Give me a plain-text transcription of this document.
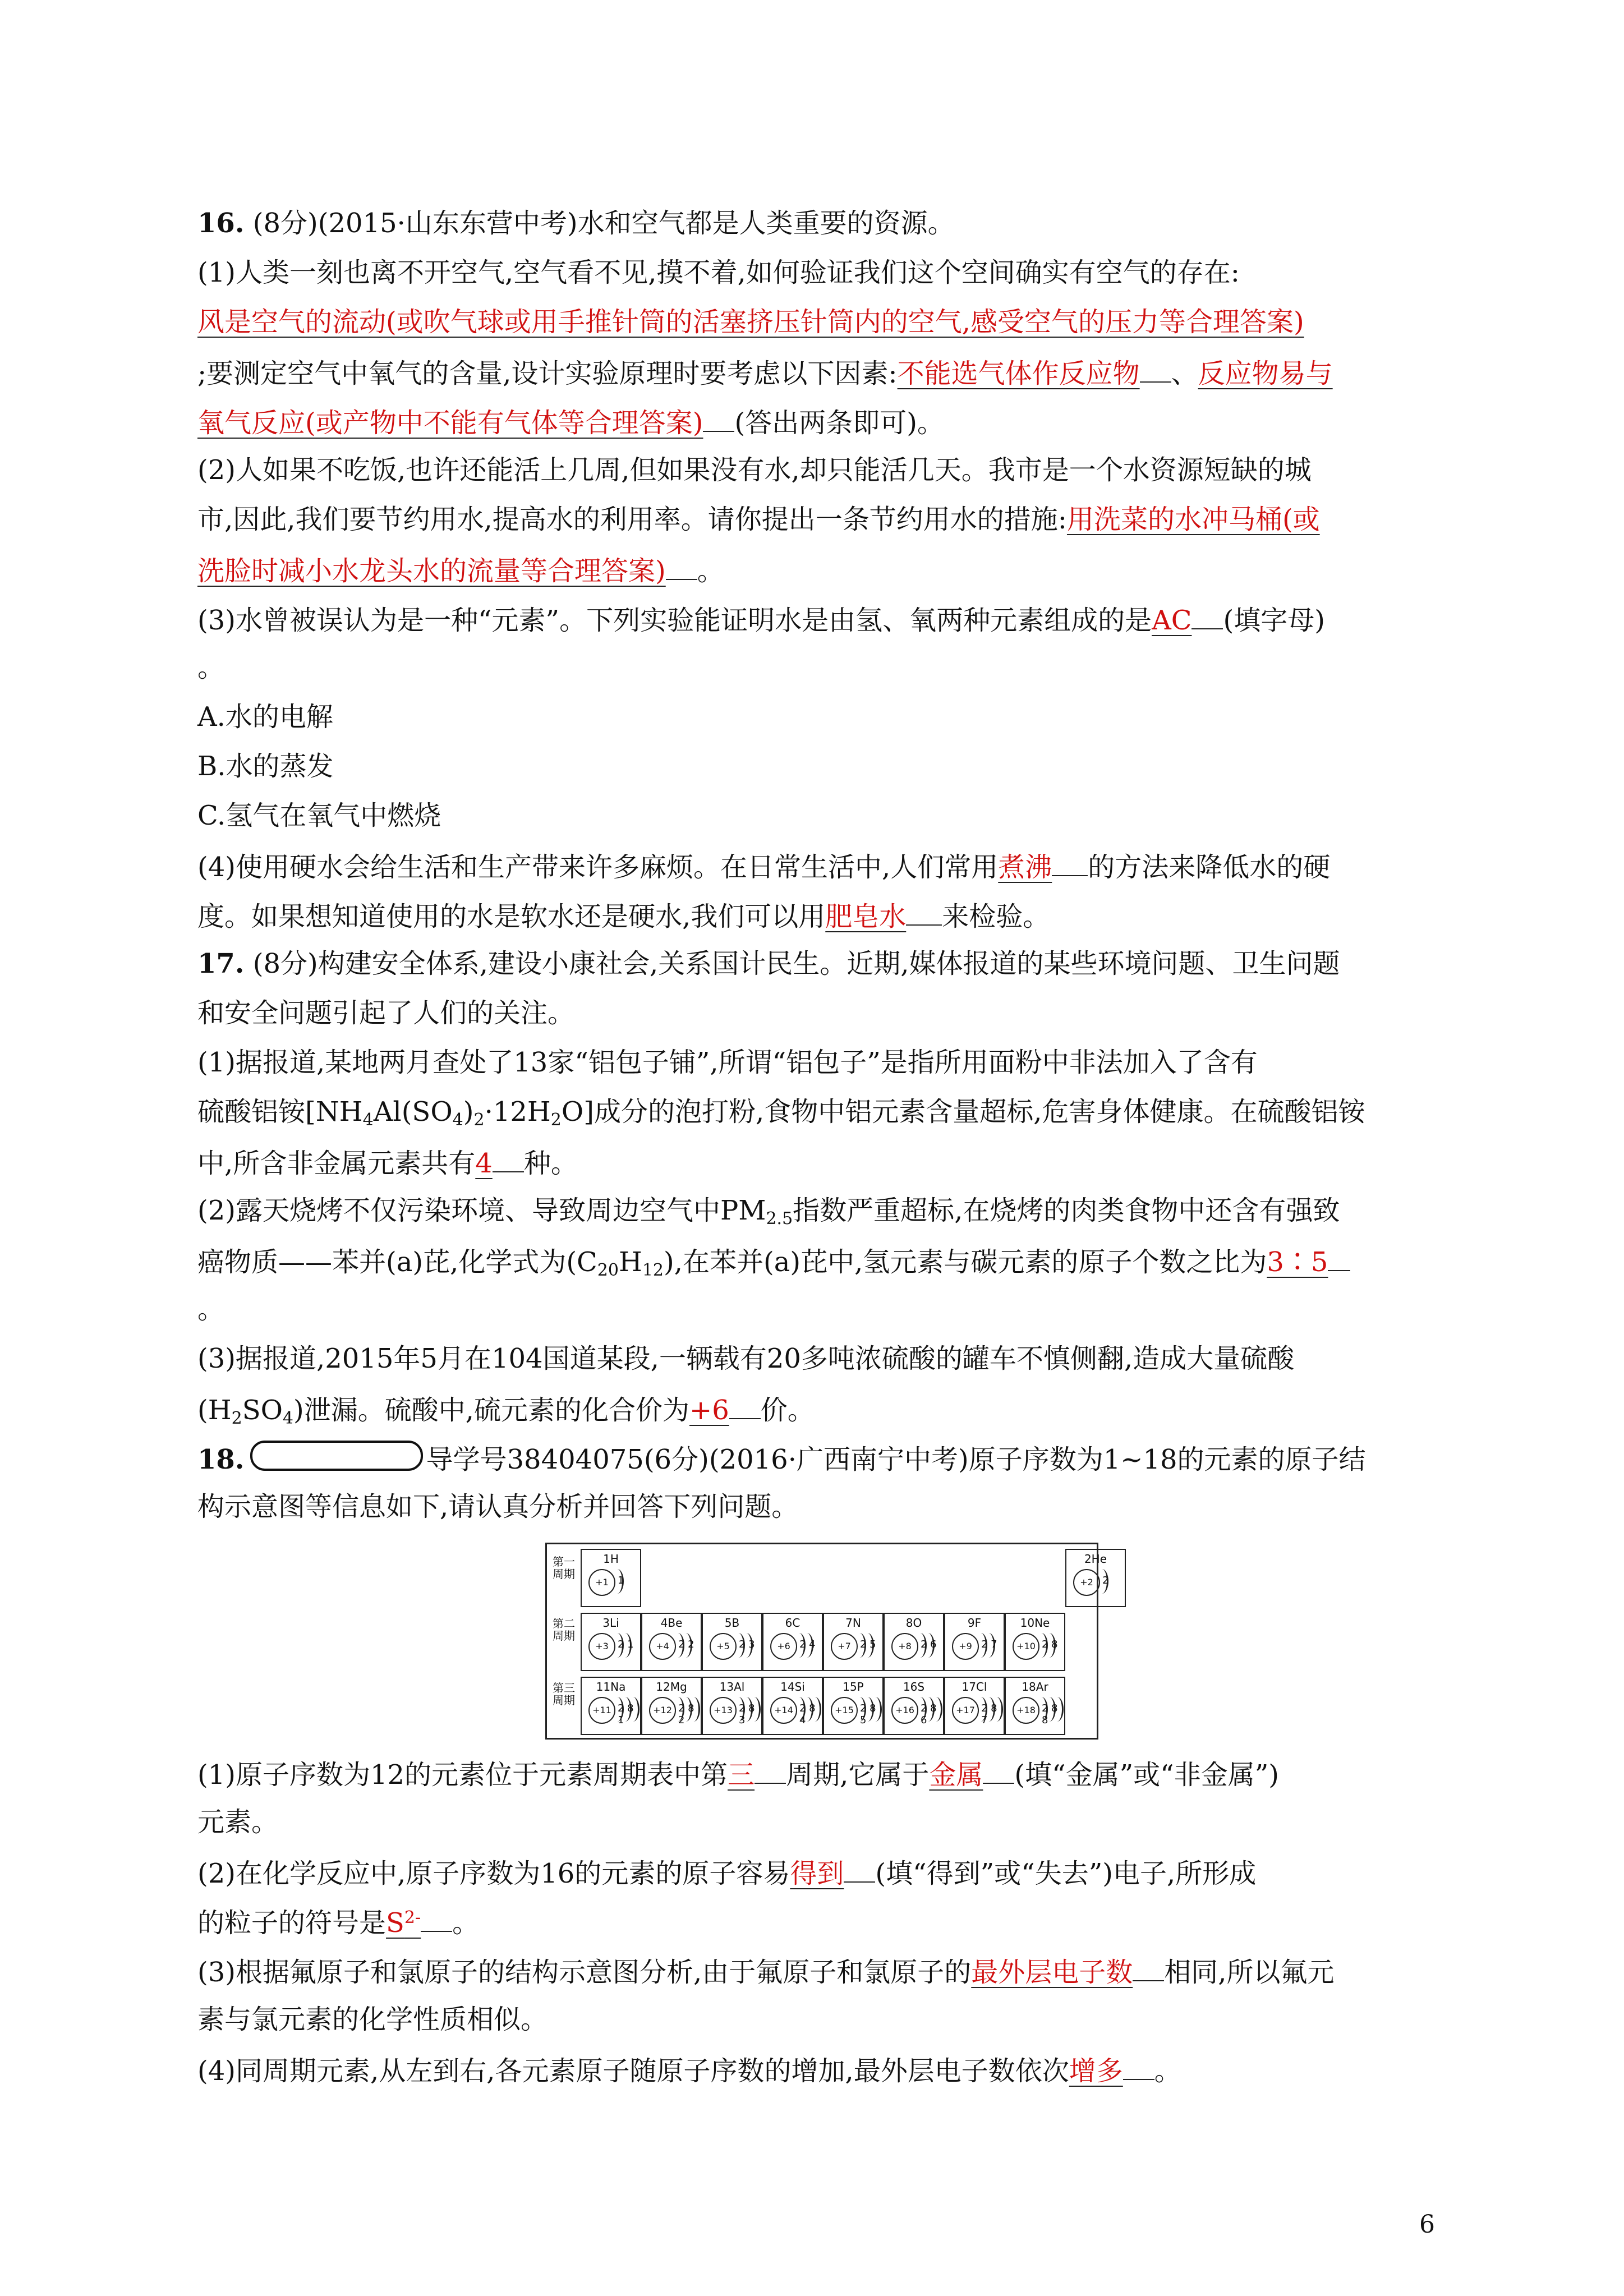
16. (8分)(2015·山东东营中考)水和空气都是人类重要的资源。
(1)人类一刻也离不开空气,空气看不见,摸不着,如何验证我们这个空间确实有空气的存在:
风是空气的流动(或吹气球或用手推针筒的活塞挤压针筒内的空气,感受空气的压力等合理答案)
;要测定空气中氧气的含量,设计实验原理时要考虑以下因素:不能选气体作反应物 、反应物易与
氧气反应(或产物中不能有气体等合理答案) (答出两条即可)。
(2)人如果不吃饭,也许还能活上几周,但如果没有水,却只能活几天。我市是一个水资源短缺的城
市,因此,我们要节约用水,提高水的利用率。请你提出一条节约用水的措施:用洗菜的水冲马桶(或
洗脸时减小水龙头水的流量等合理答案) 。
(3)水曾被误认为是一种“元素”。下列实验能证明水是由氢、氧两种元素组成的是AC (填字母)
。
A.水的电解
B.水的蒸发
C.氢气在氧气中燃烧
(4)使用硬水会给生活和生产带来许多麻烦。在日常生活中,人们常用煮沸 的方法来降低水的硬
度。如果想知道使用的水是软水还是硬水,我们可以用肥皂水 来检验。
17. (8分)构建安全体系,建设小康社会,关系国计民生。近期,媒体报道的某些环境问题、卫生问题
和安全问题引起了人们的关注。
(1)据报道,某地两月查处了13家“铝包子铺”,所谓“铝包子”是指所用面粉中非法加入了含有
硫酸铝铵$[NH_4Al(SO_4)_2\cdot 12H_2O]$成分的泡打粉,食物中铝元素含量超标,危害身体健康。在硫酸铝铵
中,所含非金属元素共有4 种。
(2)露天烧烤不仅污染环境、导致周边空气中$PM_{2.5}$指数严重超标,在烧烤的肉类食物中还含有强致
癌物质——苯并(a)芘,化学式为$(C_{20}H_{12})$,在苯并(a)芘中,氢元素与碳元素的原子个数之比为3∶5
。
(3)据报道,2015年5月在104国道某段,一辆载有20多吨浓硫酸的罐车不慎侧翻,造成大量硫酸
$(H_2SO_4)$泄漏。硫酸中,硫元素的化合价为+6 价。
18.	导学号38404075(6分)(2016·广西南宁中考)原子序数为1~18的元素的原子结
构示意图等信息如下,请认真分析并回答下列问题。
第一周期
第二周期
第三周期
1H
+1 1
2He
+2 2
3Li
+3 2 1
4Be
+4 2 2
5B
+5 2 3
6C
+6 2 4
7N
+7 2 5
8O
+8 2 6
9F
+9 2 7
10Ne
+10 2 8
11Na
+11 2 8 1
12Mg
+12 2 8 2
13Al
+13 2 8 3
14Si
+14 2 8 4
15P
+15 2 8 5
16S
+16 2 8 6
17Cl
+17 2 8 7
18Ar
+18 2 8 8
(1)原子序数为12的元素位于元素周期表中第三 周期,它属于金属 (填“金属”或“非金属”)
元素。
(2)在化学反应中,原子序数为16的元素的原子容易得到 (填“得到”或“失去”)电子,所形成
的粒子的符号是$S^{2-}$ 。
(3)根据氟原子和氯原子的结构示意图分析,由于氟原子和氯原子的最外层电子数 相同,所以氟元
素与氯元素的化学性质相似。
(4)同周期元素,从左到右,各元素原子随原子序数的增加,最外层电子数依次增多 。
6
